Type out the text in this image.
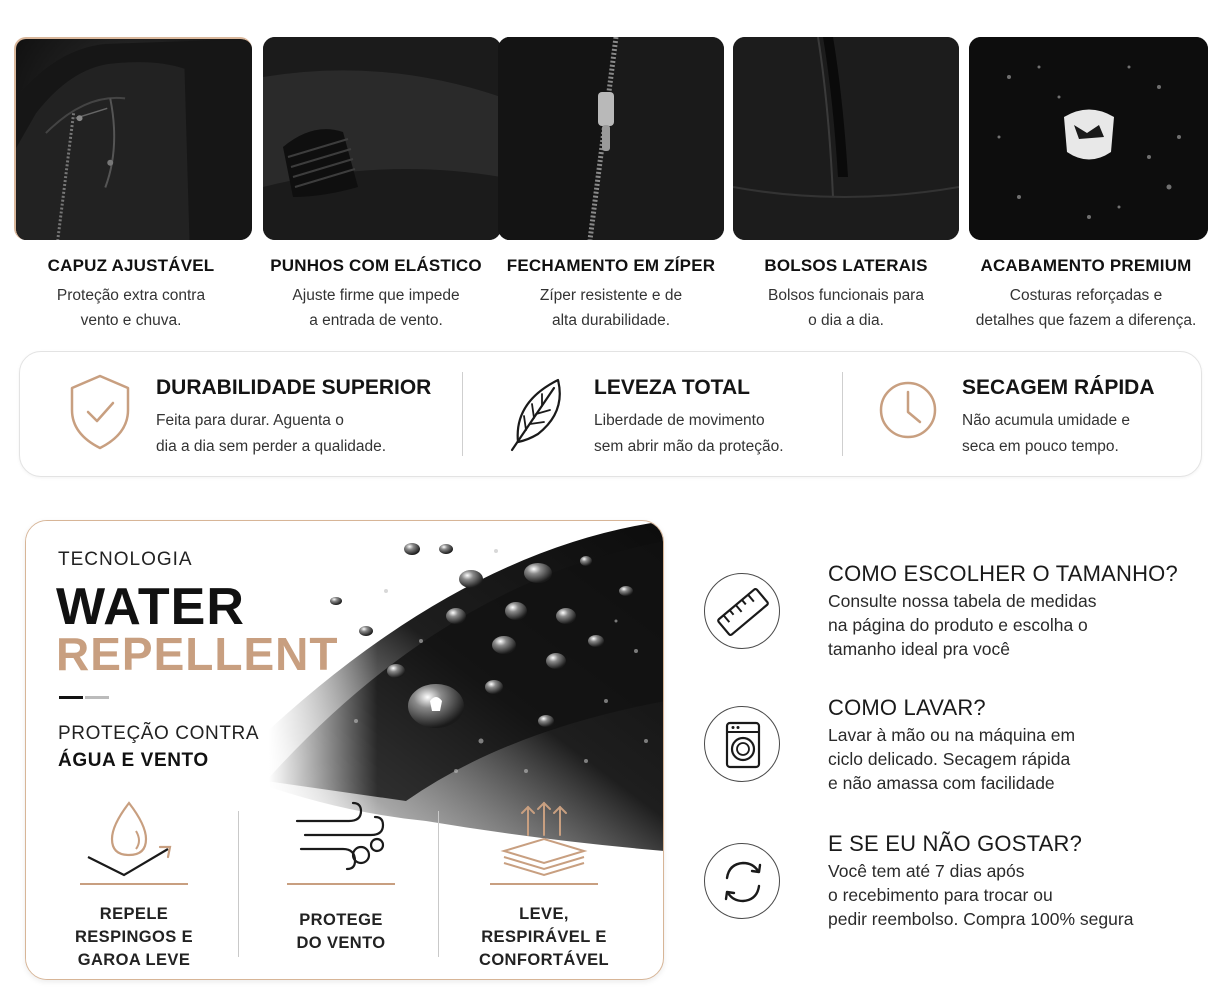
CAPUZ AJUSTÁVEL

Proteção extra contra
vento e chuva.

PUNHOS COM ELÁSTICO

Ajuste firme que impede
a entrada de vento.

FECHAMENTO EM ZÍPER

Zíper resistente e de
alta durabilidade.

BOLSOS LATERAIS

Bolsos funcionais para
o dia a dia.

ACABAMENTO PREMIUM

Costuras reforçadas e
detalhes que fazem a diferença.

DURABILIDADE SUPERIOR

Feita para durar. Aguenta o
dia a dia sem perder a qualidade.

LEVEZA TOTAL

Liberdade de movimento
sem abrir mão da proteção.

SECAGEM RÁPIDA

Não acumula umidade e
seca em pouco tempo.

TECNOLOGIA
WATER
REPELLENT
PROTEÇÃO CONTRA
ÁGUA E VENTO
REPELE
RESPINGOS E
GAROA LEVE
PROTEGE
DO VENTO
LEVE,
RESPIRÁVEL E
CONFORTÁVEL
COMO ESCOLHER O TAMANHO?

Consulte nossa tabela de medidas
na página do produto e escolha o
tamanho ideal pra você

COMO LAVAR?

Lavar à mão ou na máquina em
ciclo delicado. Secagem rápida
e não amassa com facilidade

E SE EU NÃO GOSTAR?

Você tem até 7 dias após
o recebimento para trocar ou
pedir reembolso. Compra 100% segura
